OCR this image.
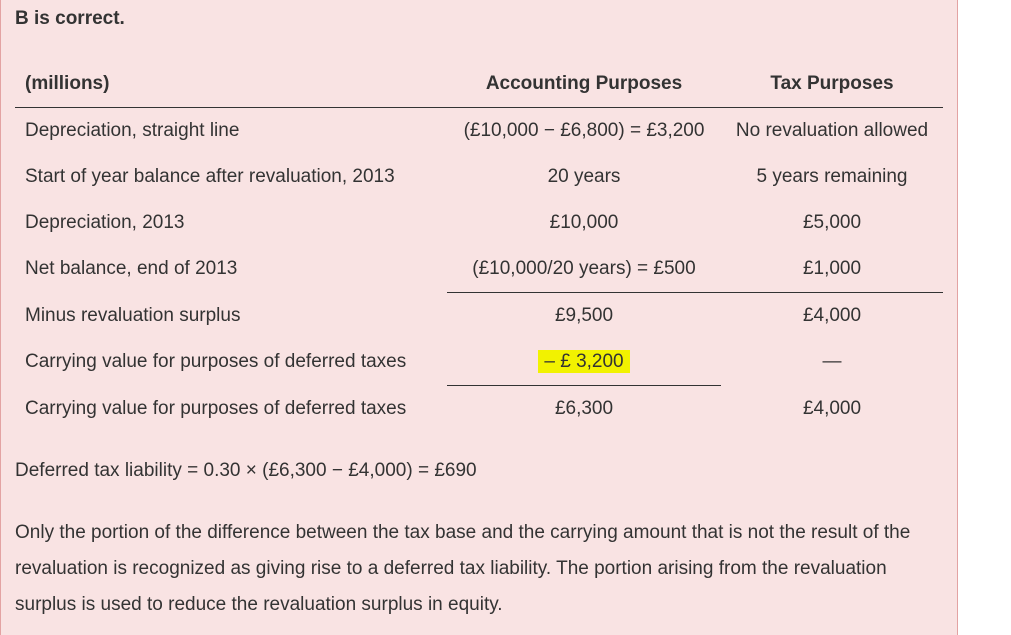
B is correct.
(millions)	Accounting Purposes	Tax Purposes
Depreciation, straight line	(£10,000 − £6,800) = £3,200	No revaluation allowed
Start of year balance after revaluation, 2013	20 years	5 years remaining
Depreciation, 2013	£10,000	£5,000
Net balance, end of 2013	(£10,000/20 years) = £500	£1,000
Minus revaluation surplus	£9,500	£4,000
Carrying value for purposes of deferred taxes	– £ 3,200	—
Carrying value for purposes of deferred taxes	£6,300	£4,000
Deferred tax liability = 0.30 × (£6,300 − £4,000) = £690
Only the portion of the difference between the tax base and the carrying amount that is not the result of the revaluation is recognized as giving rise to a deferred tax liability. The portion arising from the revaluation surplus is used to reduce the revaluation surplus in equity.
